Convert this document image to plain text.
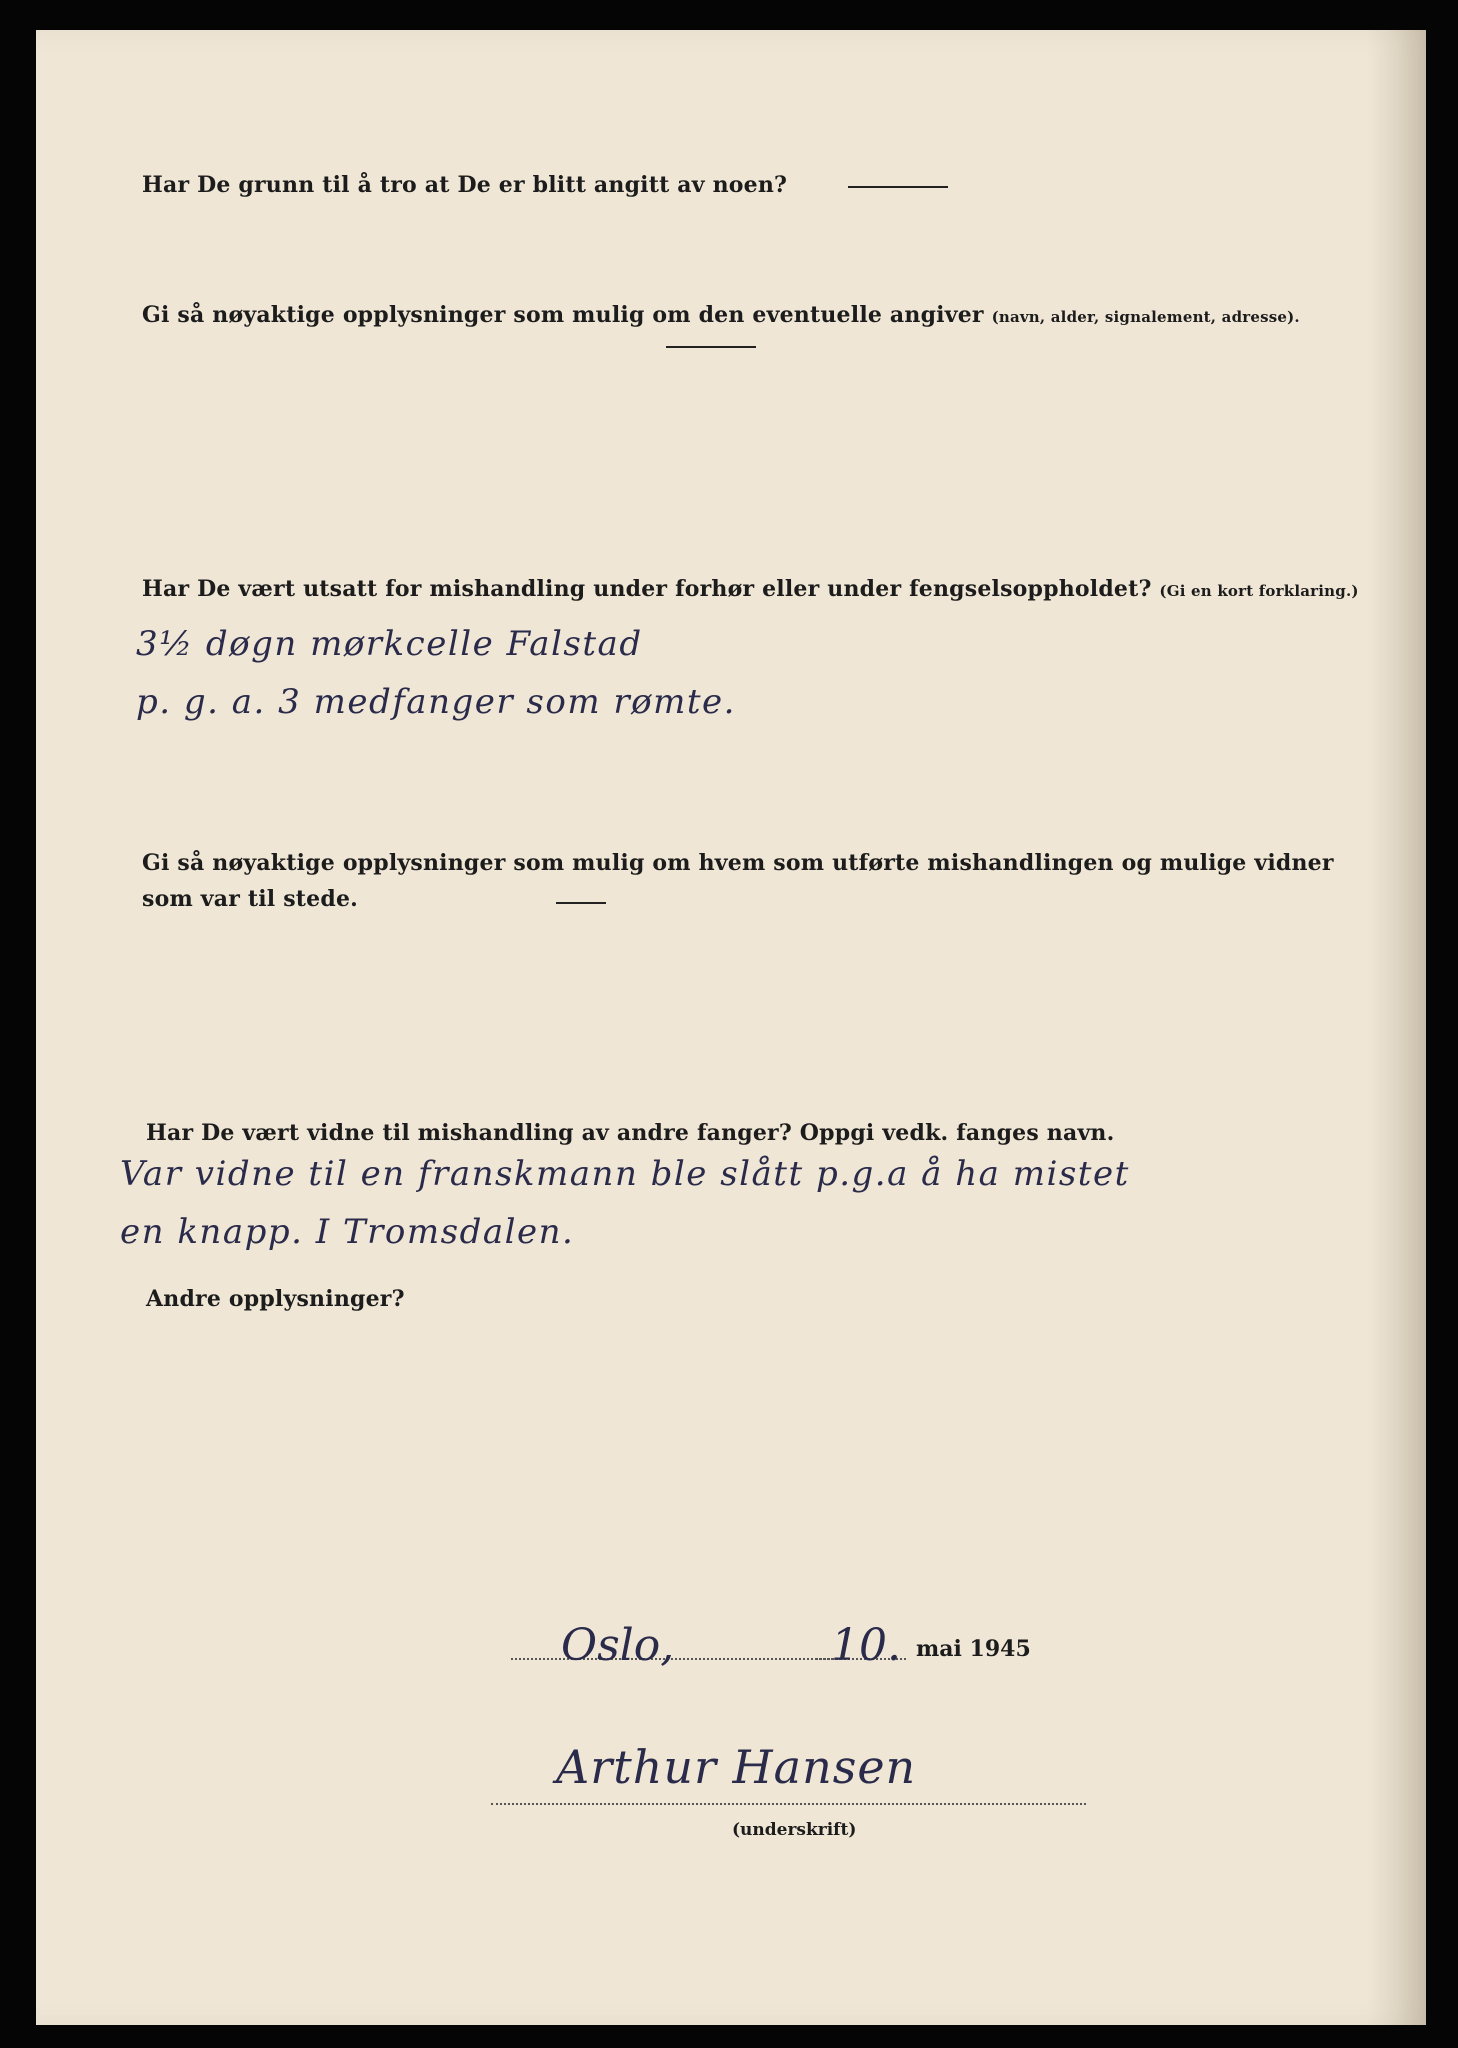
Har De grunn til å tro at De er blitt angitt av noen?

Gi så nøyaktige opplysninger som mulig om den eventuelle angiver (navn, alder, signalement, adresse).

Har De vært utsatt for mishandling under forhør eller under fengselsoppholdet? (Gi en kort forklaring.)

3½ døgn mørkcelle Falstad

p. g. a. 3 medfanger som rømte.

Gi så nøyaktige opplysninger som mulig om hvem som utførte mishandlingen og mulige vidner

som var til stede.

Har De vært vidne til mishandling av andre fanger? Oppgi vedk. fanges navn.

Var vidne til en franskmann ble slått p.g.a å ha mistet

en knapp. I Tromsdalen.

Andre opplysninger?

Oslo,	10. mai 1945
Arthur Hansen
(underskrift)
